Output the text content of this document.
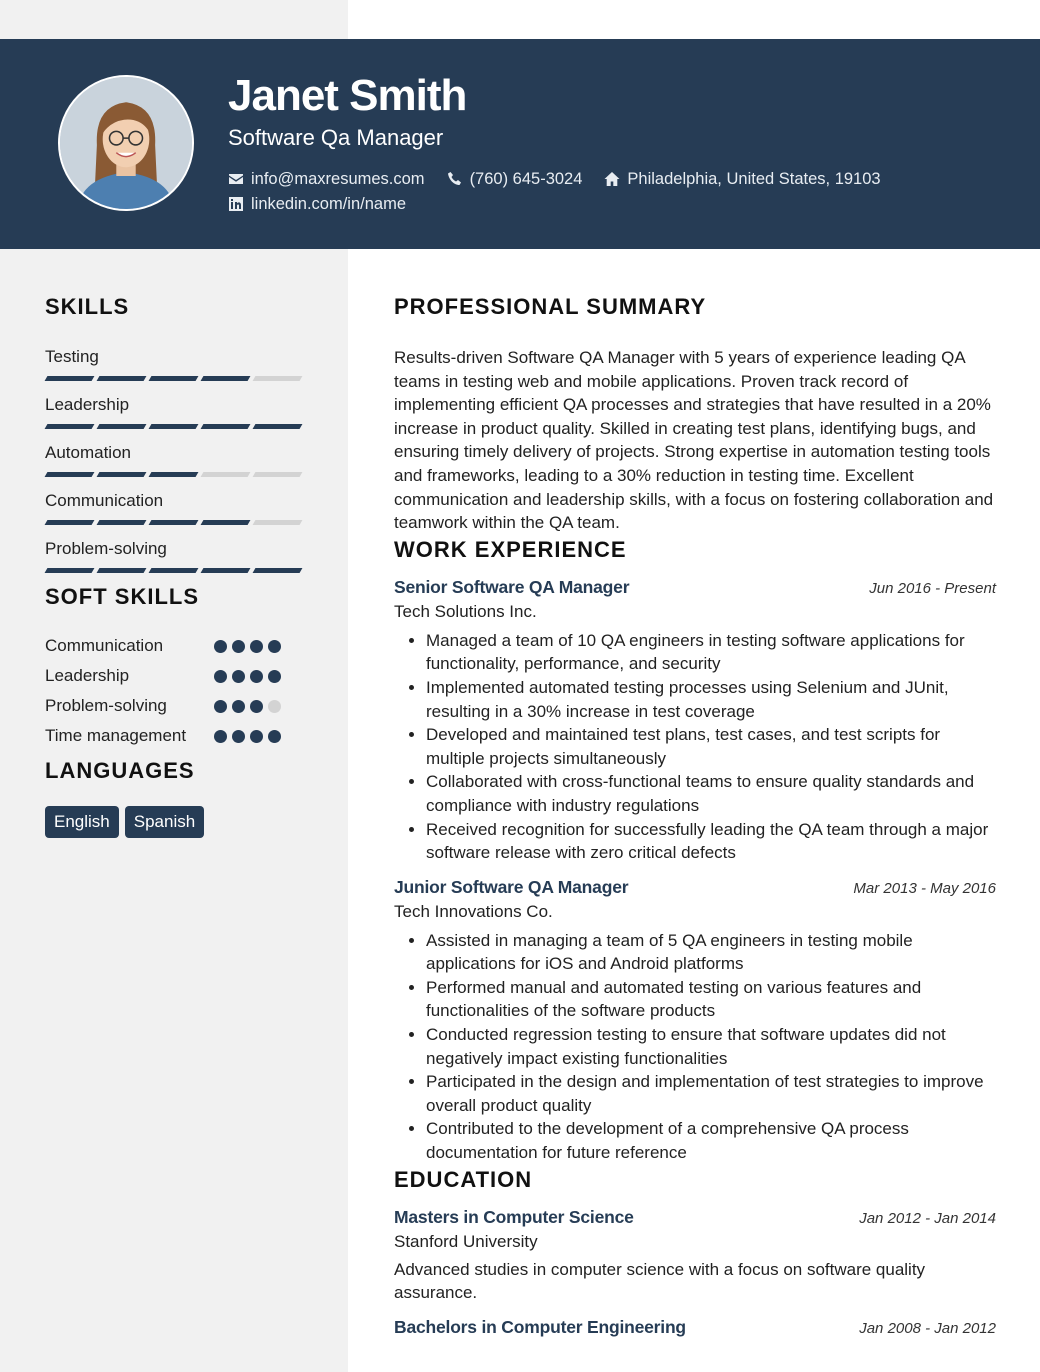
Janet Smith
Software Qa Manager
info@maxresumes.com	(760) 645-3024	Philadelphia, United States, 19103
linkedin.com/in/name
SKILLS
Testing
Leadership
Automation
Communication
Problem-solving
SOFT SKILLS
Communication
Leadership
Problem-solving
Time management
LANGUAGES
English	Spanish
PROFESSIONAL SUMMARY

Results-driven Software QA Manager with 5 years of experience leading QA teams in testing web and mobile applications. Proven track record of implementing efficient QA processes and strategies that have resulted in a 20% increase in product quality. Skilled in creating test plans, identifying bugs, and ensuring timely delivery of projects. Strong expertise in automation testing tools and frameworks, leading to a 30% reduction in testing time. Excellent communication and leadership skills, with a focus on fostering collaboration and teamwork within the QA team.

WORK EXPERIENCE
Senior Software QA Manager	Jun 2016 - Present
Tech Solutions Inc.
• Managed a team of 10 QA engineers in testing software applications for functionality, performance, and security
• Implemented automated testing processes using Selenium and JUnit, resulting in a 30% increase in test coverage
• Developed and maintained test plans, test cases, and test scripts for multiple projects simultaneously
• Collaborated with cross-functional teams to ensure quality standards and compliance with industry regulations
• Received recognition for successfully leading the QA team through a major software release with zero critical defects
Junior Software QA Manager	Mar 2013 - May 2016
Tech Innovations Co.
• Assisted in managing a team of 5 QA engineers in testing mobile applications for iOS and Android platforms
• Performed manual and automated testing on various features and functionalities of the software products
• Conducted regression testing to ensure that software updates did not negatively impact existing functionalities
• Participated in the design and implementation of test strategies to improve overall product quality
• Contributed to the development of a comprehensive QA process documentation for future reference
EDUCATION
Masters in Computer Science	Jan 2012 - Jan 2014
Stanford University

Advanced studies in computer science with a focus on software quality assurance.

Bachelors in Computer Engineering	Jan 2008 - Jan 2012
